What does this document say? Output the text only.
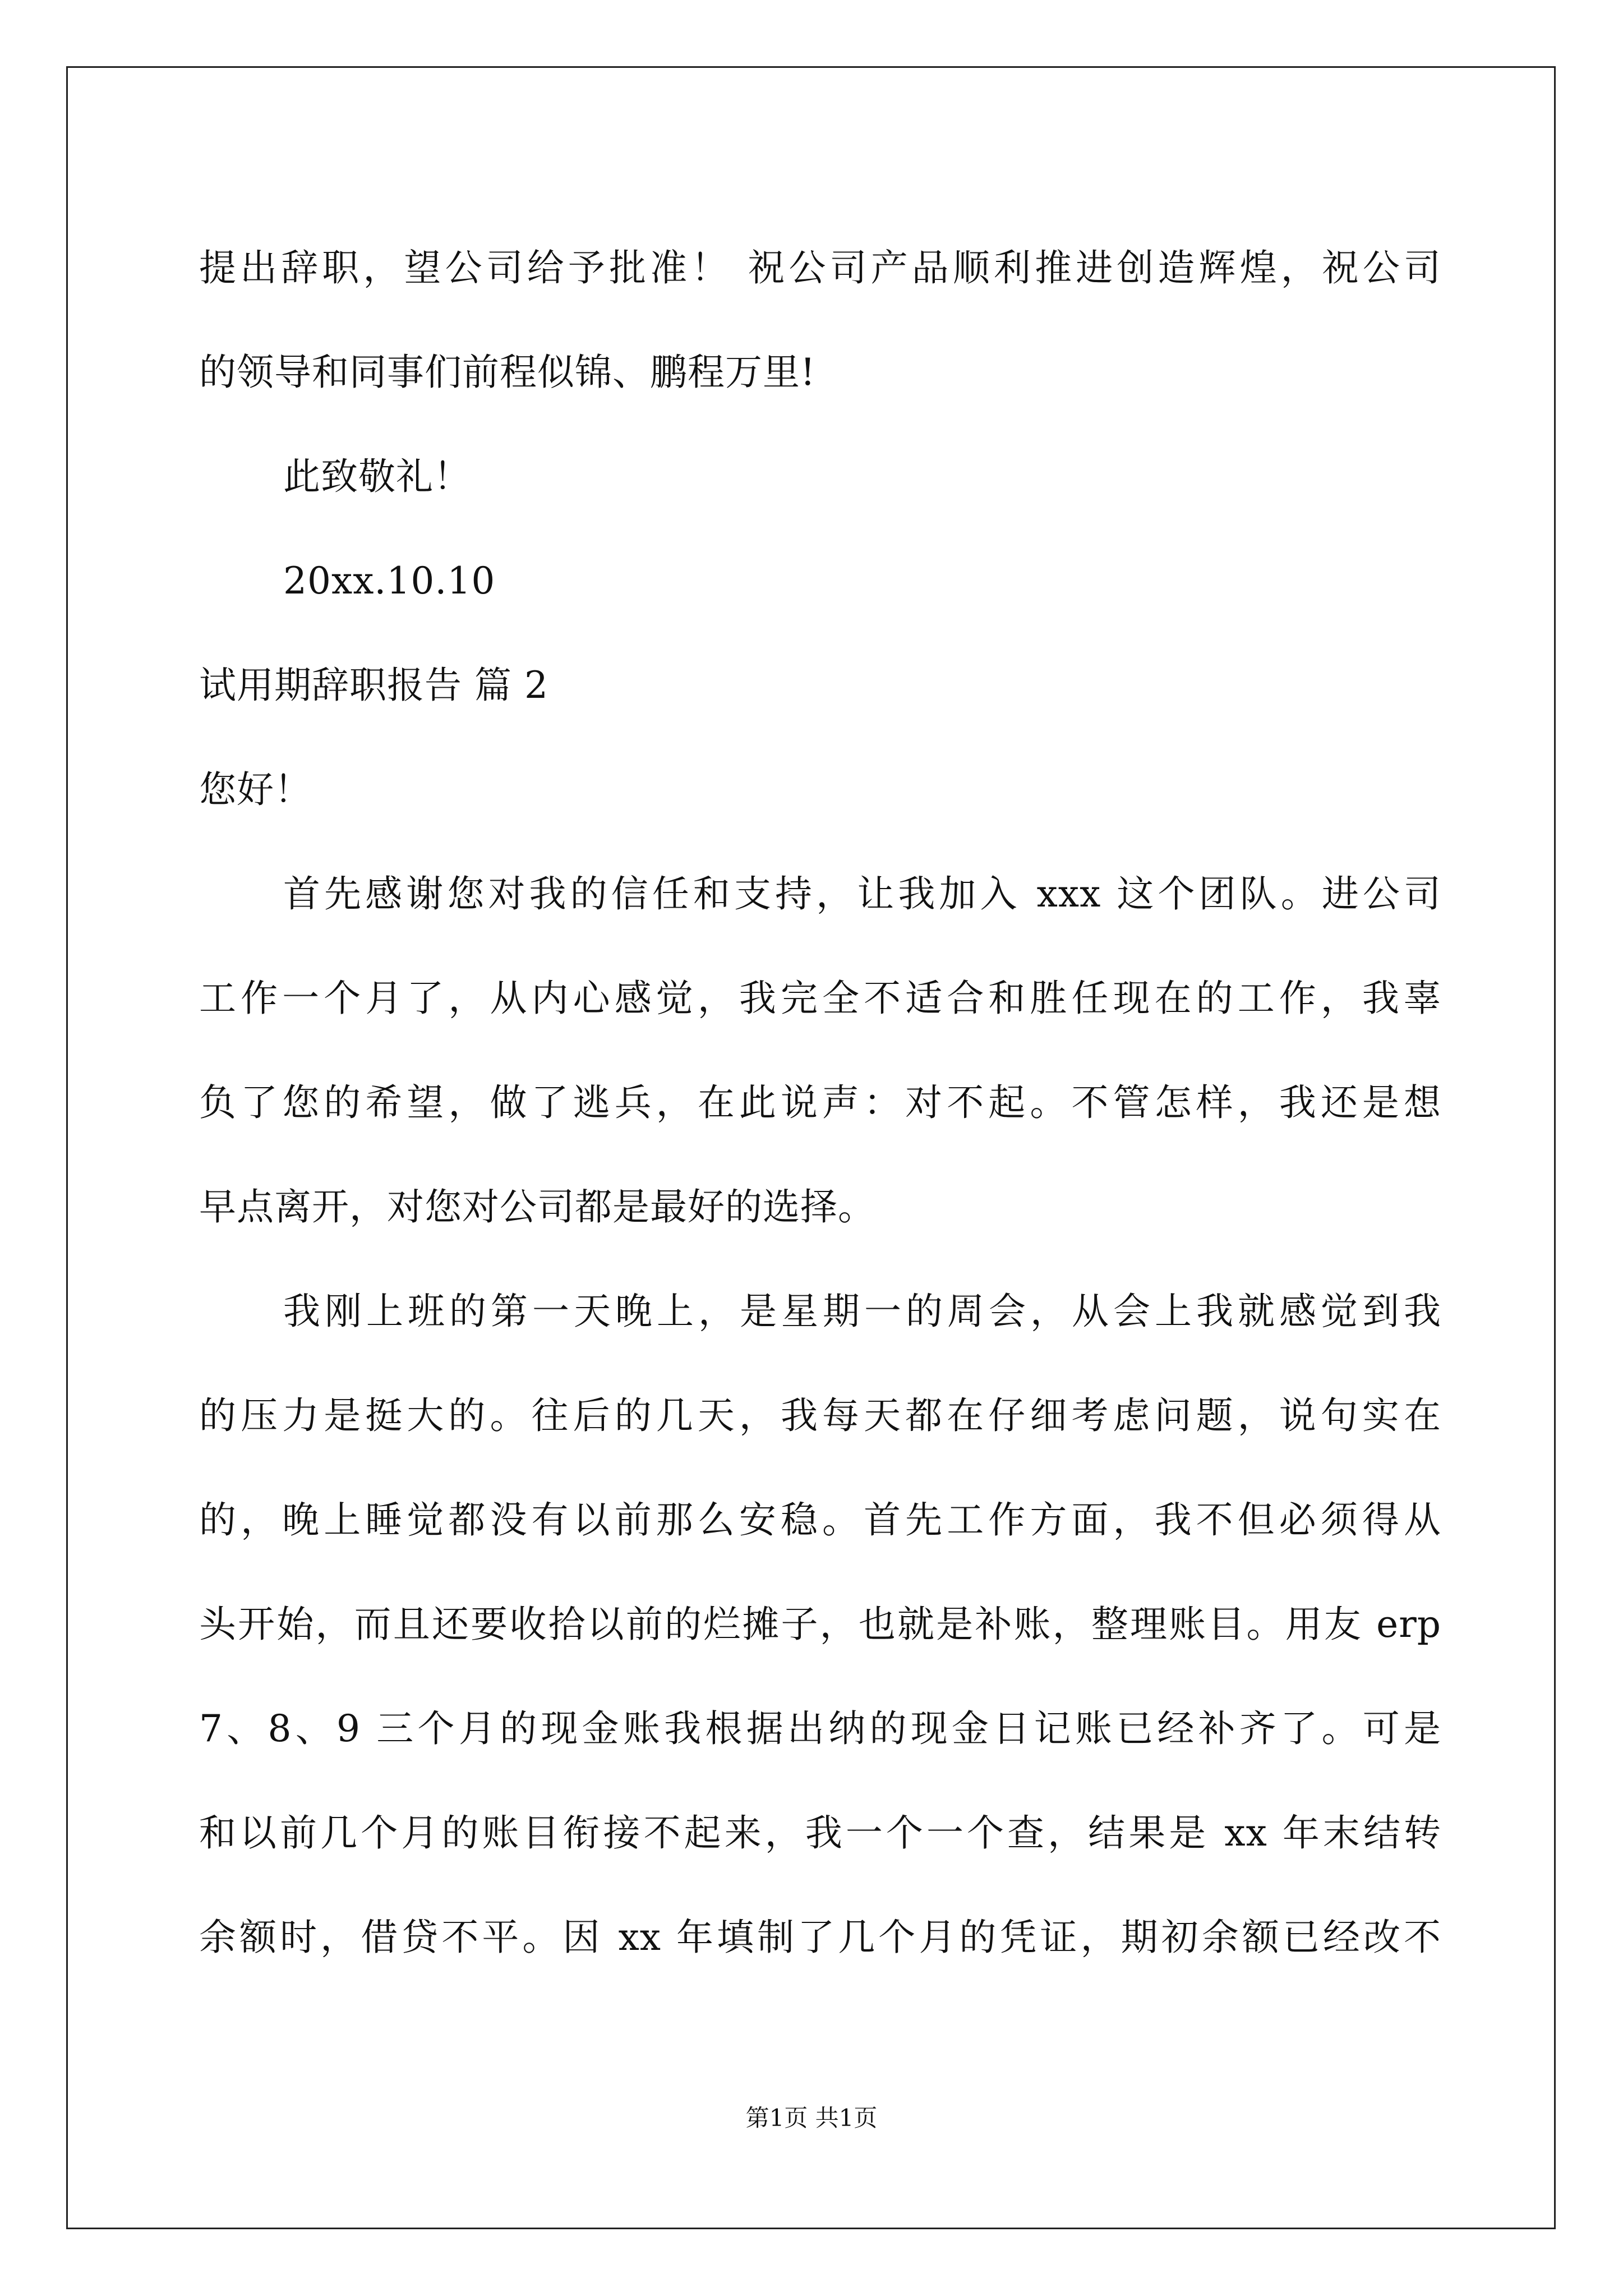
提出辞职，望公司给予批准！ 祝公司产品顺利推进创造辉煌，祝公司
的领导和同事们前程似锦、鹏程万里!
此致敬礼！
20xx.10.10
试用期辞职报告 篇 2
您好！
首先感谢您对我的信任和支持，让我加入 xxx 这个团队。进公司
工作一个月了，从内心感觉，我完全不适合和胜任现在的工作，我辜
负了您的希望，做了逃兵，在此说声：对不起。不管怎样，我还是想
早点离开，对您对公司都是最好的选择。
我刚上班的第一天晚上，是星期一的周会，从会上我就感觉到我
的压力是挺大的。往后的几天，我每天都在仔细考虑问题，说句实在
的，晚上睡觉都没有以前那么安稳。首先工作方面，我不但必须得从
头开始，而且还要收拾以前的烂摊子，也就是补账，整理账目。用友 erp
7、8、9 三个月的现金账我根据出纳的现金日记账已经补齐了。可是
和以前几个月的账目衔接不起来，我一个一个查，结果是 xx 年末结转
余额时，借贷不平。因 xx 年填制了几个月的凭证，期初余额已经改不
第1页 共1页
